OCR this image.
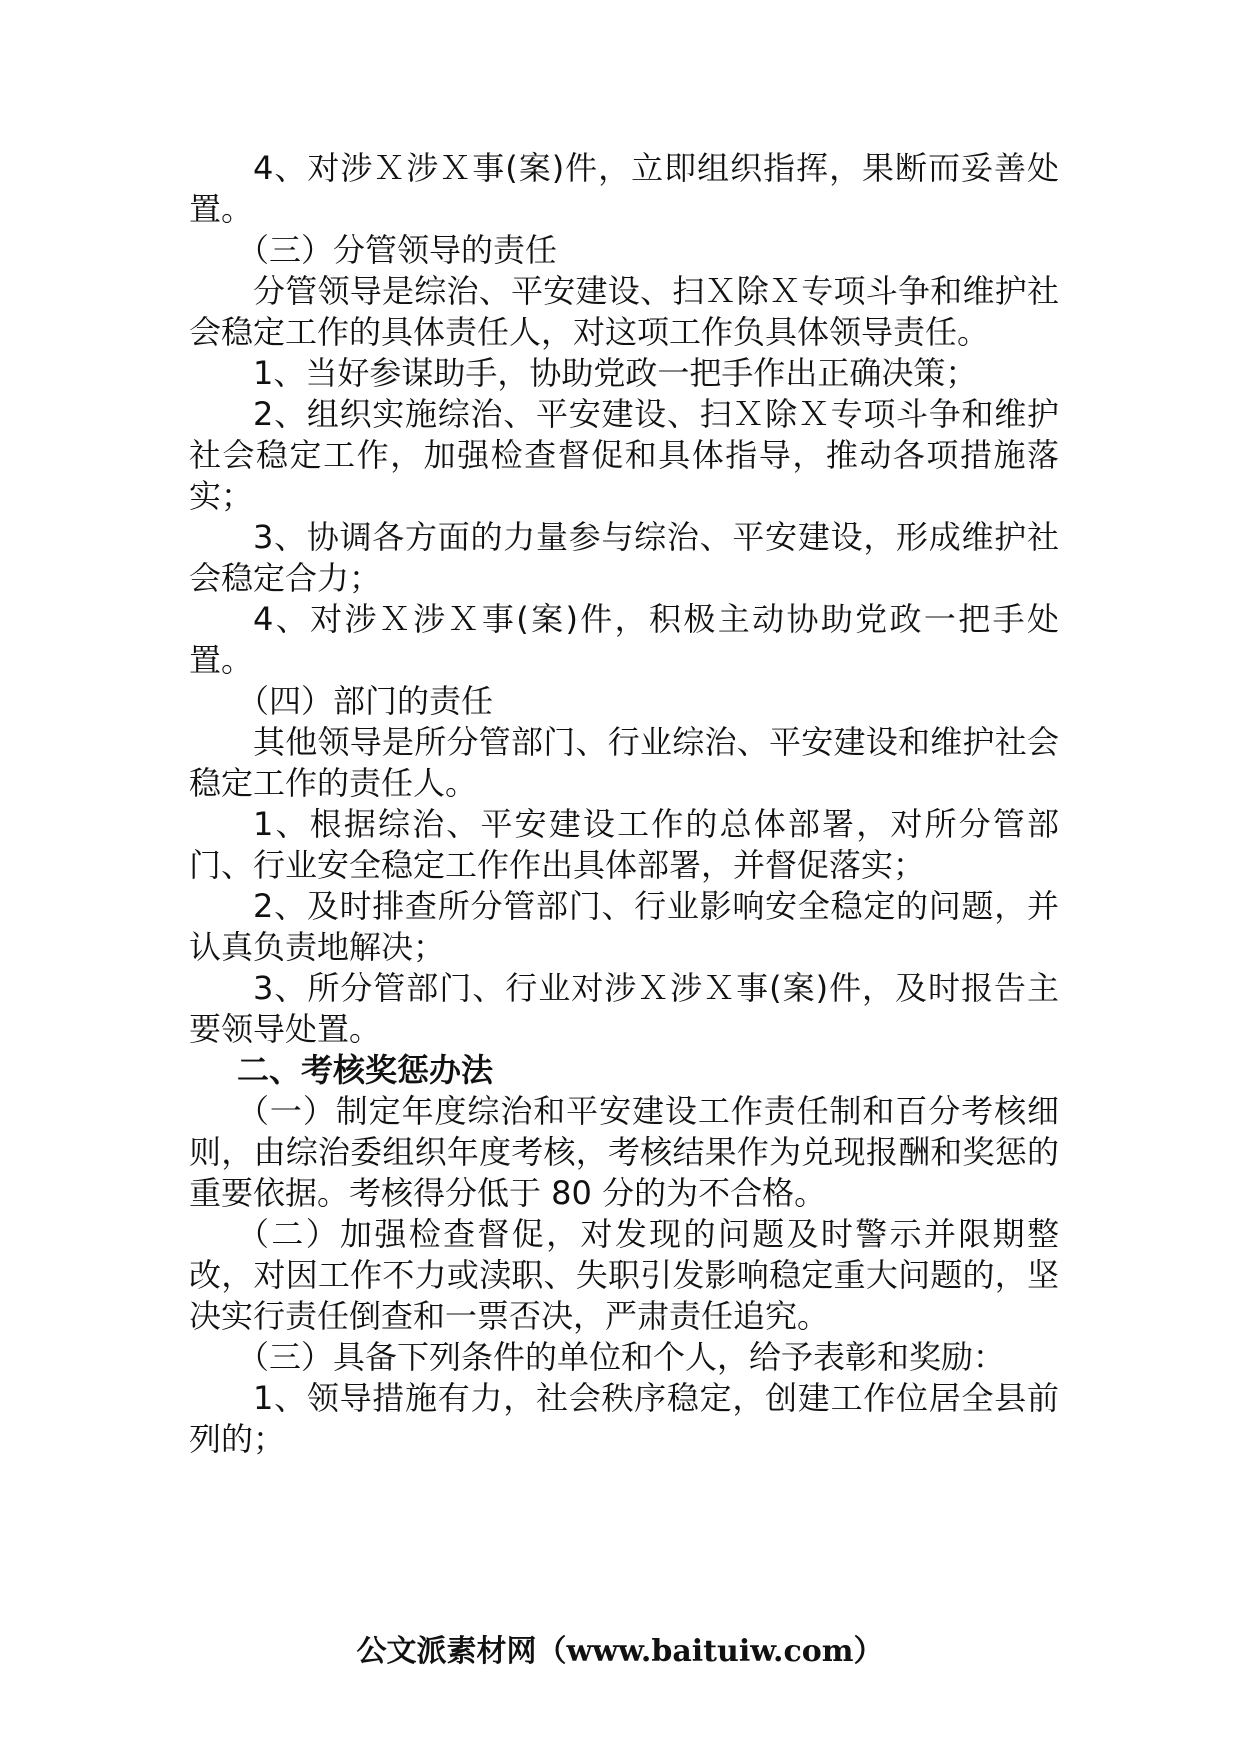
4、对涉Ｘ涉Ｘ事(案)件，立即组织指挥，果断而妥善处置。

（三）分管领导的责任

分管领导是综治、平安建设、扫Ｘ除Ｘ专项斗争和维护社会稳定工作的具体责任人，对这项工作负具体领导责任。

1、当好参谋助手，协助党政一把手作出正确决策；

2、组织实施综治、平安建设、扫Ｘ除Ｘ专项斗争和维护社会稳定工作，加强检查督促和具体指导，推动各项措施落实；

3、协调各方面的力量参与综治、平安建设，形成维护社会稳定合力；

4、对涉Ｘ涉Ｘ事(案)件，积极主动协助党政一把手处置。

（四）部门的责任

其他领导是所分管部门、行业综治、平安建设和维护社会稳定工作的责任人。

1、根据综治、平安建设工作的总体部署，对所分管部门、行业安全稳定工作作出具体部署，并督促落实；

2、及时排查所分管部门、行业影响安全稳定的问题，并认真负责地解决；

3、所分管部门、行业对涉Ｘ涉Ｘ事(案)件，及时报告主要领导处置。

二、考核奖惩办法

（一）制定年度综治和平安建设工作责任制和百分考核细则，由综治委组织年度考核，考核结果作为兑现报酬和奖惩的重要依据。考核得分低于 80 分的为不合格。

（二）加强检查督促，对发现的问题及时警示并限期整改，对因工作不力或渎职、失职引发影响稳定重大问题的，坚决实行责任倒查和一票否决，严肃责任追究。

（三）具备下列条件的单位和个人，给予表彰和奖励：

1、领导措施有力，社会秩序稳定，创建工作位居全县前列的；

公文派素材网（www.baituiw.com）
